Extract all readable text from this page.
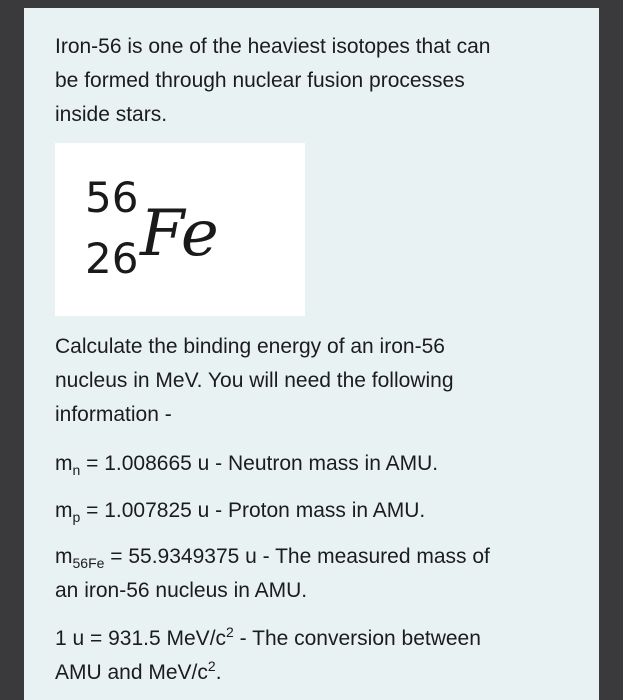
Iron-56 is one of the heaviest isotopes that can

be formed through nuclear fusion processes

inside stars.

56
26 Fe

Calculate the binding energy of an iron-56

nucleus in MeV. You will need the following

information -

$m_n = 1.008665$ u - Neutron mass in AMU.

$m_p = 1.007825$ u - Proton mass in AMU.

$m_{56Fe} = 55.9349375$ u - The measured mass of

an iron-56 nucleus in AMU.

1 u = 931.5 MeV/$c^2$ - The conversion between

AMU and MeV/$c^2$.
